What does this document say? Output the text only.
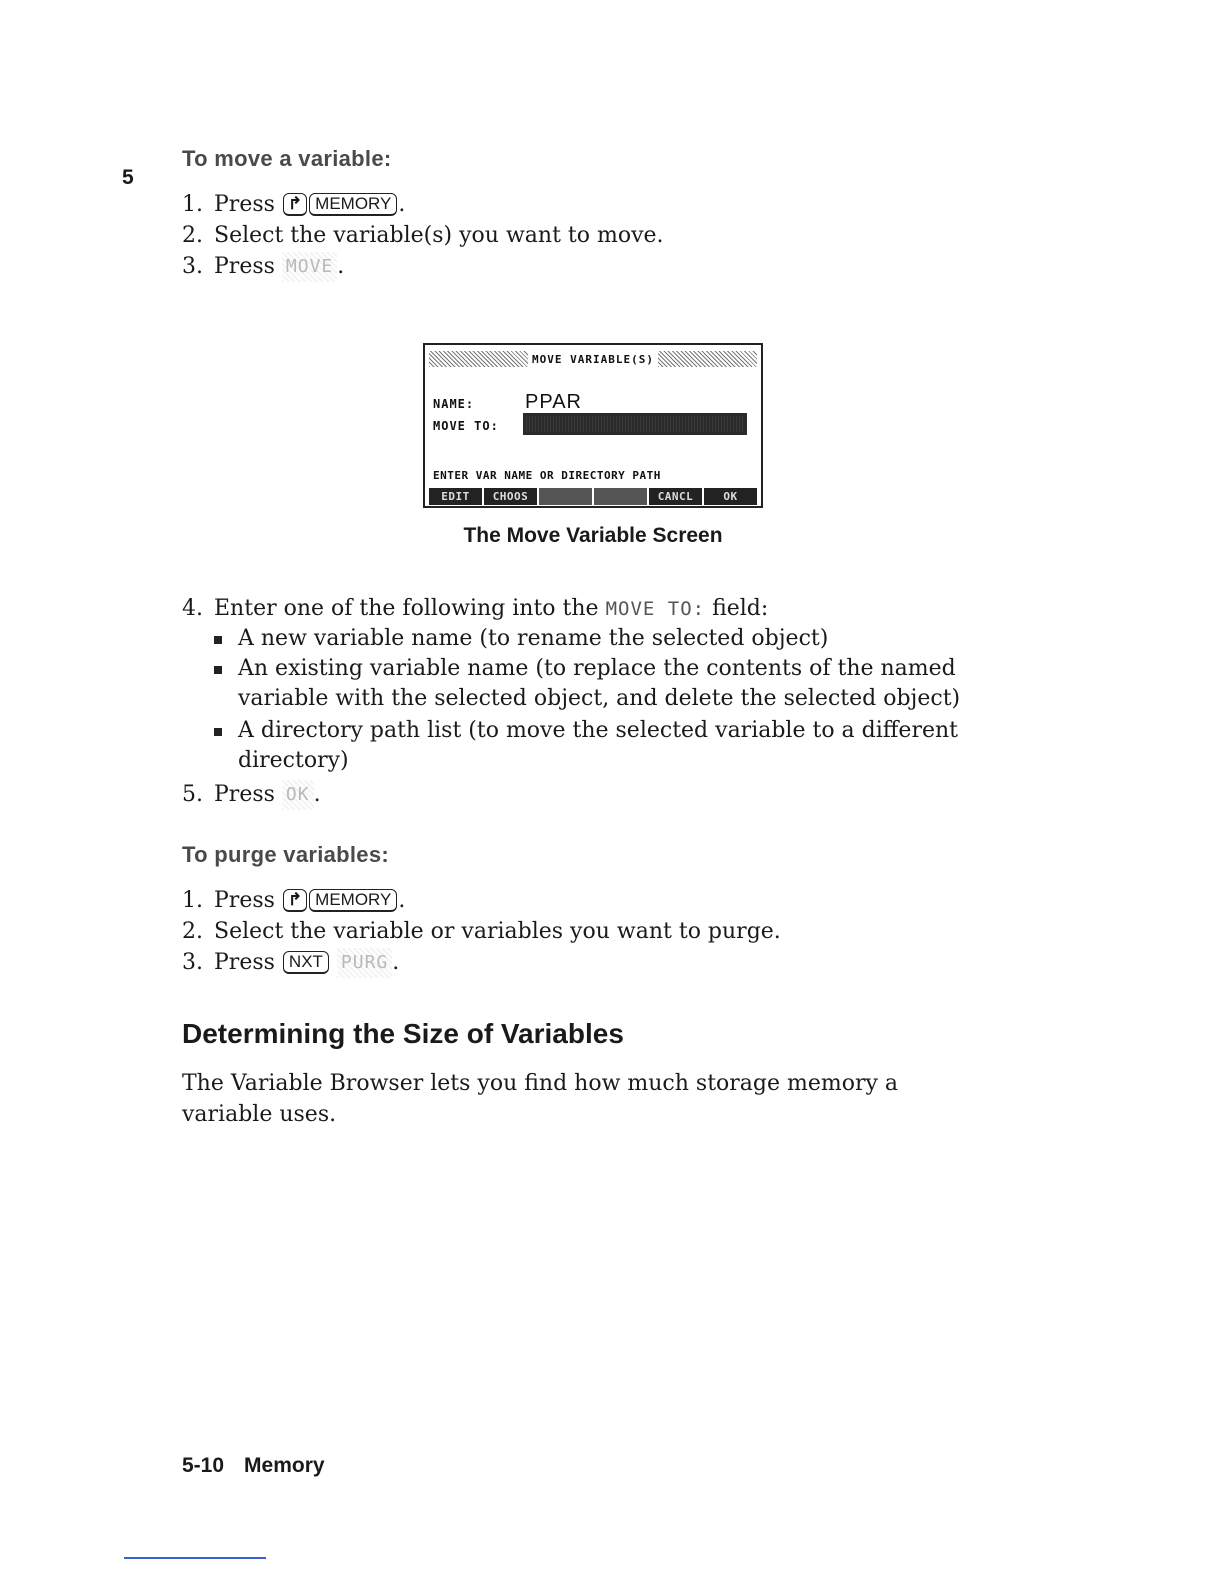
5
To move a variable:
1. Press ↱ MEMORY .
2. Select the variable(s) you want to move.
3. Press MOVE .
MOVE VARIABLE(S)
NAME:	PPAR
MOVE TO:
ENTER VAR NAME OR DIRECTORY PATH
EDIT	CHOOS	CANCL	OK
The Move Variable Screen
4. Enter one of the following into the MOVE TO: field:
A new variable name (to rename the selected object)
An existing variable name (to replace the contents of the named
variable with the selected object, and delete the selected object)
A directory path list (to move the selected variable to a different
directory)
5. Press OK .
To purge variables:
1. Press ↱ MEMORY .
2. Select the variable or variables you want to purge.
3. Press NXT PURG .
Determining the Size of Variables
The Variable Browser lets you find how much storage memory a variable uses.
5-10 Memory
